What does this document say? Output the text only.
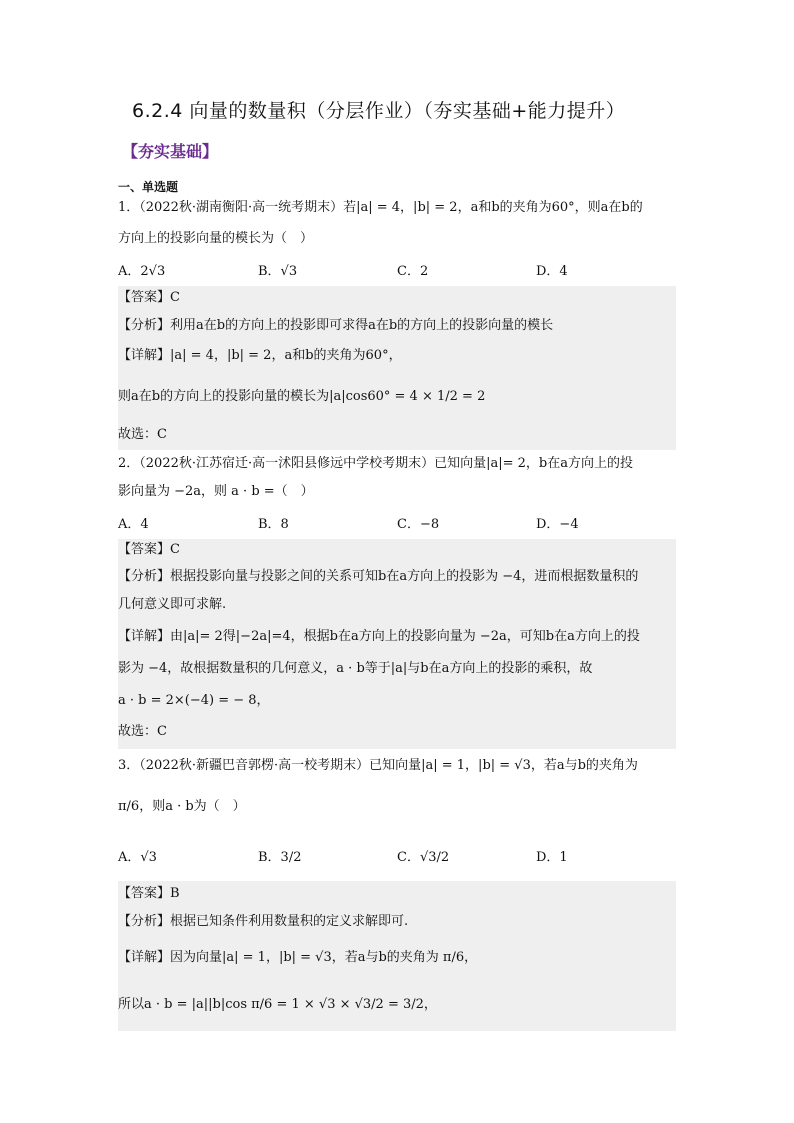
6.2.4 向量的数量积（分层作业）（夯实基础+能力提升）
【夯实基础】
一、单选题
1．（2022秋·湖南衡阳·高一统考期末）若|a| = 4，|b| = 2，a和b的夹角为60°，则a在b的
方向上的投影向量的模长为（　）
A．2√3	B．√3	C．2	D．4
【答案】C
【分析】利用a在b的方向上的投影即可求得a在b的方向上的投影向量的模长
【详解】|a| = 4，|b| = 2，a和b的夹角为60°，
则a在b的方向上的投影向量的模长为|a|cos60° = 4 × 1/2 = 2
故选：C
2．（2022秋·江苏宿迁·高一沭阳县修远中学校考期末）已知向量|a|= 2，b在a方向上的投
影向量为 −2a，则 a · b =（　）
A．4	B．8	C．−8	D．−4
【答案】C
【分析】根据投影向量与投影之间的关系可知b在a方向上的投影为 −4，进而根据数量积的
几何意义即可求解.
【详解】由|a|= 2得|−2a|=4，根据b在a方向上的投影向量为 −2a，可知b在a方向上的投
影为 −4，故根据数量积的几何意义，a · b等于|a|与b在a方向上的投影的乘积，故
a · b = 2×(−4) = − 8，
故选：C
3．（2022秋·新疆巴音郭楞·高一校考期末）已知向量|a| = 1，|b| = √3，若a与b的夹角为
π/6，则a · b为（　）
A．√3	B．3/2	C．√3/2	D．1
【答案】B
【分析】根据已知条件利用数量积的定义求解即可.
【详解】因为向量|a| = 1，|b| = √3，若a与b的夹角为 π/6，
所以a · b = |a||b|cos π/6 = 1 × √3 × √3/2 = 3/2，
